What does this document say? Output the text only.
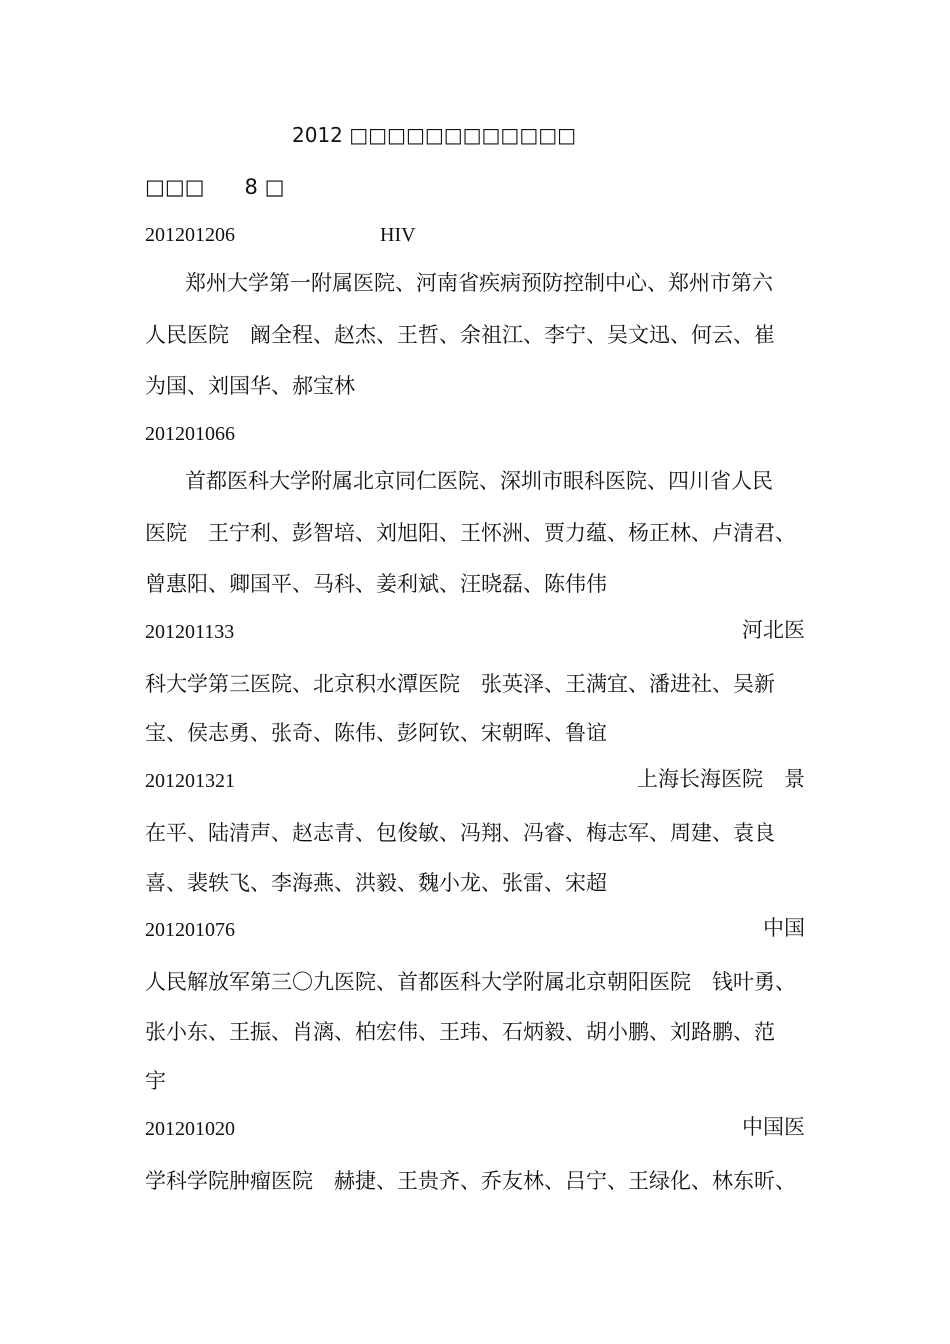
2012 □□□□□□□□□□□□
□□□ 8 □
201201206	HIV
郑州大学第一附属医院、河南省疾病预防控制中心、郑州市第六
人民医院　阚全程、赵杰、王哲、余祖江、李宁、吴文迅、何云、崔
为国、刘国华、郝宝林
201201066
首都医科大学附属北京同仁医院、深圳市眼科医院、四川省人民
医院　王宁利、彭智培、刘旭阳、王怀洲、贾力蕴、杨正林、卢清君、
曾惠阳、卿国平、马科、姜利斌、汪晓磊、陈伟伟
201201133	河北医
科大学第三医院、北京积水潭医院　张英泽、王满宜、潘进社、吴新
宝、侯志勇、张奇、陈伟、彭阿钦、宋朝晖、鲁谊
201201321	上海长海医院　景
在平、陆清声、赵志青、包俊敏、冯翔、冯睿、梅志军、周建、袁良
喜、裴轶飞、李海燕、洪毅、魏小龙、张雷、宋超
201201076	中国
人民解放军第三〇九医院、首都医科大学附属北京朝阳医院　钱叶勇、
张小东、王振、肖漓、柏宏伟、王玮、石炳毅、胡小鹏、刘路鹏、范
宇
201201020	中国医
学科学院肿瘤医院　赫捷、王贵齐、乔友林、吕宁、王绿化、林东昕、
